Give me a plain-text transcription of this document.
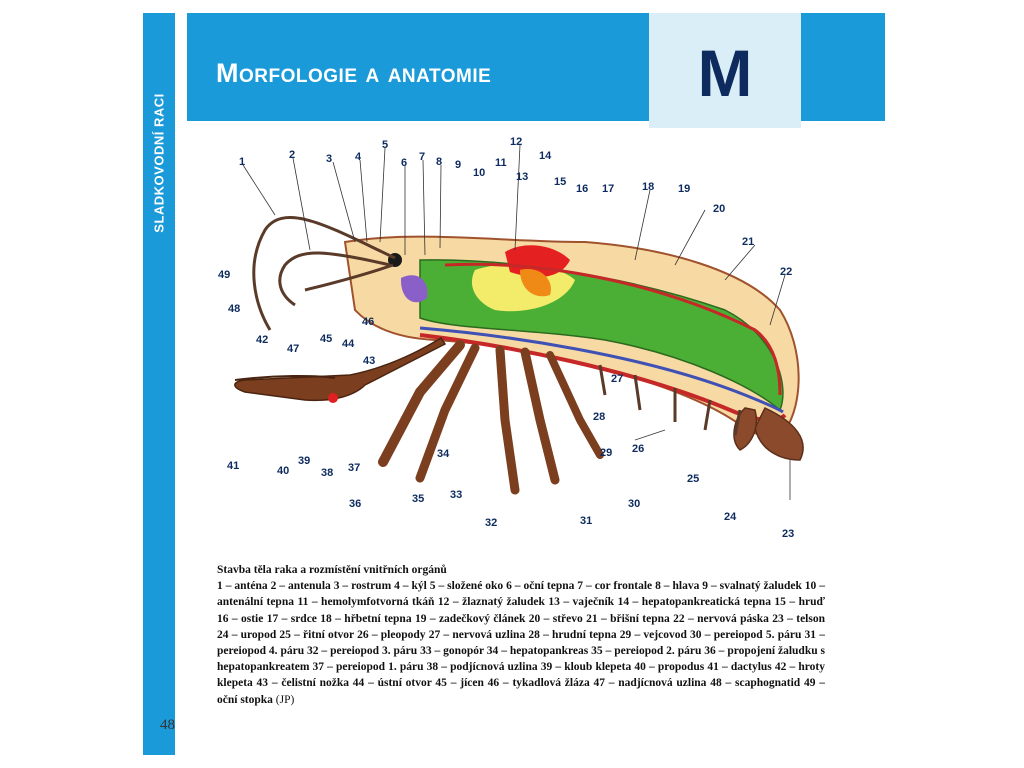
SLADKOVODNÍ RACI
48
Morfologie a anatomie	M
1
2	3 4
5
6 7 8 9
10
11
12
13
14
15
16 17	18 19
20
21
22
23
24
25
26
27
28
29
30
31
32
33
34
35
36
37
38
39
40
41
42
43
44
45
46
47
48
49
Stavba těla raka a rozmístění vnitřních orgánů
1 – anténa 2 – antenula 3 – rostrum 4 – kýl 5 – složené oko 6 – oční tepna 7 – cor frontale 8 – hlava 9 – svalnatý žaludek 10 – antenální tepna 11 – hemolymfotvorná tkáň 12 – žlaznatý žaludek 13 – vaječník 14 – hepatopankreatická tepna 15 – hruď 16 – ostie 17 – srdce 18 – hřbetní tepna 19 – zadečkový článek 20 – střevo 21 – břišní tepna 22 – nervová páska 23 – telson 24 – uropod 25 – řitní otvor 26 – pleopody 27 – nervová uzlina 28 – hrudní tepna 29 – vejcovod 30 – pereiopod 5. páru 31 – pereiopod 4. páru 32 – pereiopod 3. páru 33 – gonopór 34 – hepatopankreas 35 – pereiopod 2. páru 36 – propojení žaludku s hepatopankreatem 37 – pereiopod 1. páru 38 – podjícnová uzlina 39 – kloub klepeta 40 – propodus 41 – dactylus 42 – hroty klepeta 43 – čelistní nožka 44 – ústní otvor 45 – jícen 46 – tykadlová žláza 47 – nadjícnová uzlina 48 – scaphognatid 49 – oční stopka (JP)
